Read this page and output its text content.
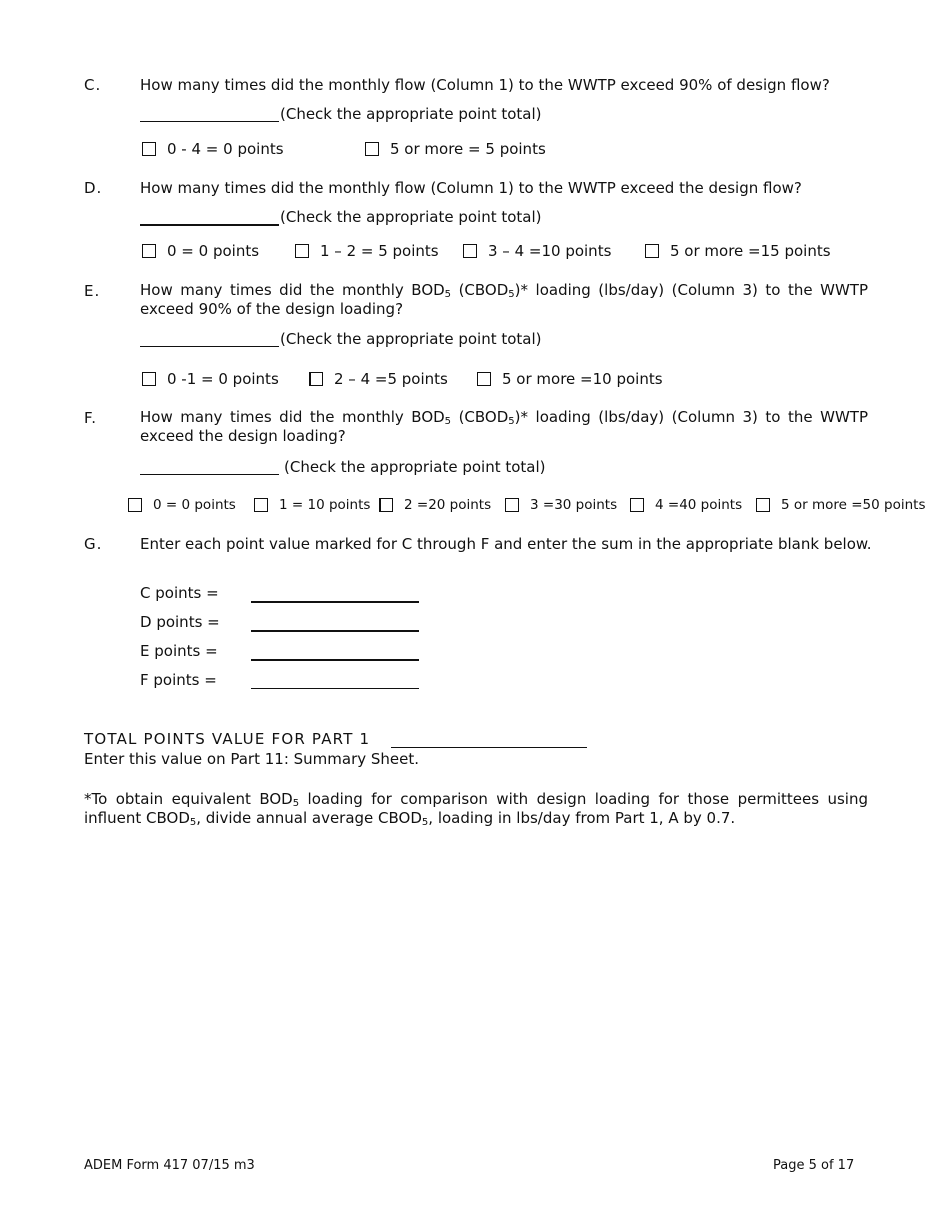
C.	How many times did the monthly flow (Column 1) to the WWTP exceed 90% of design flow?
(Check the appropriate point total)
0 - 4 = 0 points	5 or more = 5 points
D.	How many times did the monthly flow (Column 1) to the WWTP exceed the design flow?
(Check the appropriate point total)
0 = 0 points	1 – 2 = 5 points	3 – 4 =10 points	5 or more =15 points
E.	How many times did the monthly $BOD_5$ $(CBOD_5)*$ loading (lbs/day) (Column 3) to the WWTP exceed 90% of the design loading?
(Check the appropriate point total)
0 -1 = 0 points	2 – 4 =5 points	5 or more =10 points
F.	How many times did the monthly $BOD_5$ $(CBOD_5)*$ loading (lbs/day) (Column 3) to the WWTP exceed the design loading?
(Check the appropriate point total)
0 = 0 points	1 = 10 points 2 =20 points	3 =30 points	4 =40 points	5 or more =50 points
G.	Enter each point value marked for C through F and enter the sum in the appropriate blank below.
C points =
D points =
E points =
F points =
TOTAL POINTS VALUE FOR PART 1
Enter this value on Part 11: Summary Sheet.
*To obtain equivalent $BOD_5$ loading for comparison with design loading for those permittees using influent $CBOD_5$, divide annual average $CBOD_5$, loading in lbs/day from Part 1, A by 0.7.
ADEM Form 417 07/15 m3	Page 5 of 17
